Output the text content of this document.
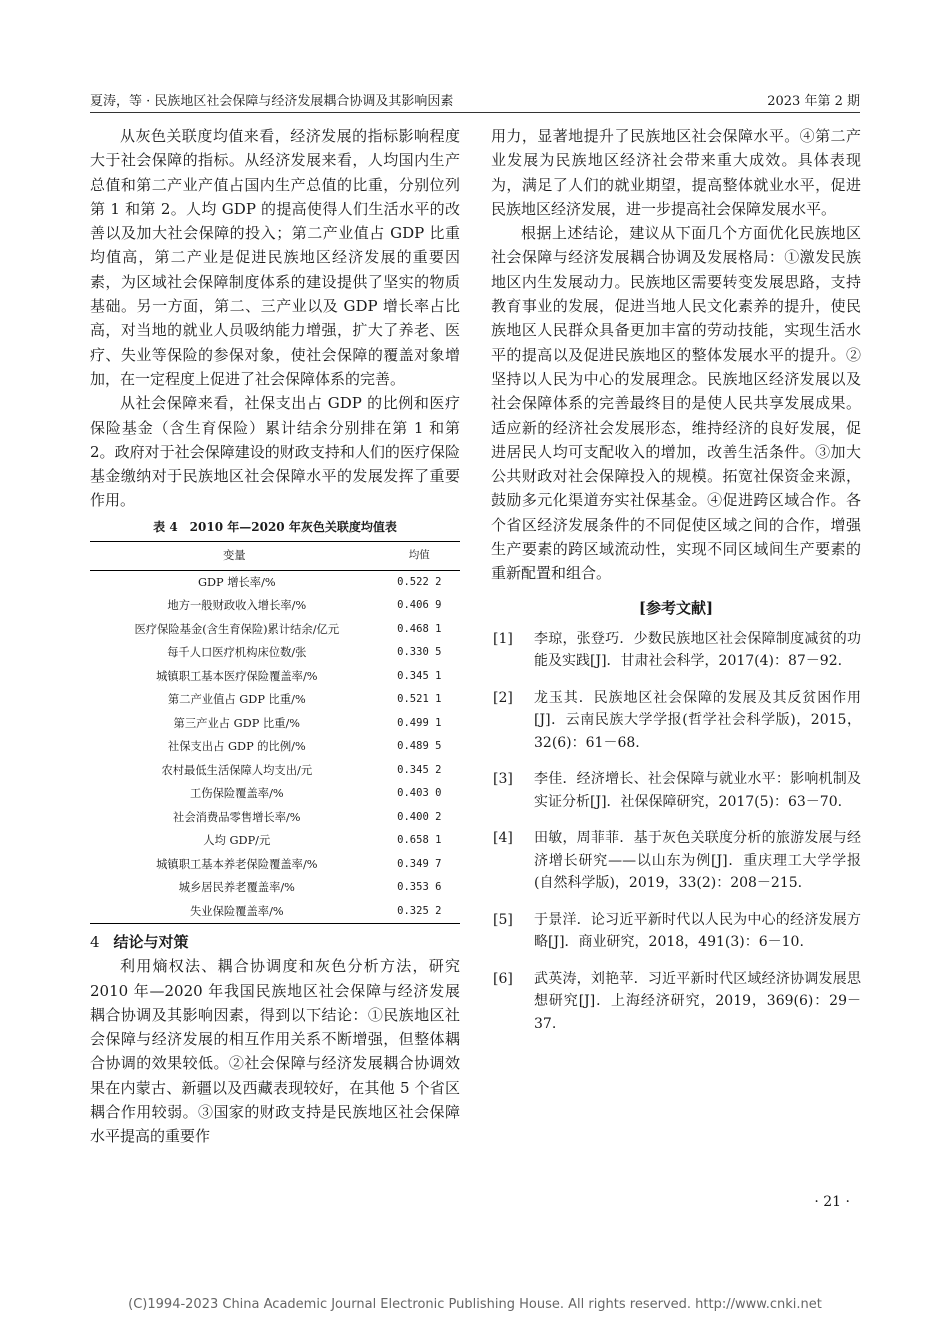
夏涛，等 · 民族地区社会保障与经济发展耦合协调及其影响因素	2023 年第 2 期

从灰色关联度均值来看，经济发展的指标影响程度大于社会保障的指标。从经济发展来看，人均国内生产总值和第二产业产值占国内生产总值的比重，分别位列第 1 和第 2。人均 GDP 的提高使得人们生活水平的改善以及加大社会保障的投入；第二产业值占 GDP 比重均值高，第二产业是促进民族地区经济发展的重要因素，为区域社会保障制度体系的建设提供了坚实的物质基础。另一方面，第二、三产业以及 GDP 增长率占比高，对当地的就业人员吸纳能力增强，扩大了养老、医疗、失业等保险的参保对象，使社会保障的覆盖对象增加，在一定程度上促进了社会保障体系的完善。

从社会保障来看，社保支出占 GDP 的比例和医疗保险基金（含生育保险）累计结余分别排在第 1 和第 2。政府对于社会保障建设的财政支持和人们的医疗保险基金缴纳对于民族地区社会保障水平的发展发挥了重要作用。

表 4　2010 年—2020 年灰色关联度均值表
变量	均值
GDP 增长率/%	0.522 2
地方一般财政收入增长率/%	0.406 9
医疗保险基金(含生育保险)累计结余/亿元	0.468 1
每千人口医疗机构床位数/张	0.330 5
城镇职工基本医疗保险覆盖率/%	0.345 1
第二产业值占 GDP 比重/%	0.521 1
第三产业占 GDP 比重/%	0.499 1
社保支出占 GDP 的比例/%	0.489 5
农村最低生活保障人均支出/元	0.345 2
工伤保险覆盖率/%	0.403 0
社会消费品零售增长率/%	0.400 2
人均 GDP/元	0.658 1
城镇职工基本养老保险覆盖率/%	0.349 7
城乡居民养老覆盖率/%	0.353 6
失业保险覆盖率/%	0.325 2
4 结论与对策

利用熵权法、耦合协调度和灰色分析方法，研究 2010 年—2020 年我国民族地区社会保障与经济发展耦合协调及其影响因素，得到以下结论：①民族地区社会保障与经济发展的相互作用关系不断增强，但整体耦合协调的效果较低。②社会保障与经济发展耦合协调效果在内蒙古、新疆以及西藏表现较好，在其他 5 个省区耦合作用较弱。③国家的财政支持是民族地区社会保障水平提高的重要作

用力，显著地提升了民族地区社会保障水平。④第二产业发展为民族地区经济社会带来重大成效。具体表现为，满足了人们的就业期望，提高整体就业水平，促进民族地区经济发展，进一步提高社会保障发展水平。

根据上述结论，建议从下面几个方面优化民族地区社会保障与经济发展耦合协调及发展格局：①激发民族地区内生发展动力。民族地区需要转变发展思路，支持教育事业的发展，促进当地人民文化素养的提升，使民族地区人民群众具备更加丰富的劳动技能，实现生活水平的提高以及促进民族地区的整体发展水平的提升。②坚持以人民为中心的发展理念。民族地区经济发展以及社会保障体系的完善最终目的是使人民共享发展成果。适应新的经济社会发展形态，维持经济的良好发展，促进居民人均可支配收入的增加，改善生活条件。③加大公共财政对社会保障投入的规模。拓宽社保资金来源，鼓励多元化渠道夯实社保基金。④促进跨区域合作。各个省区经济发展条件的不同促使区域之间的合作，增强生产要素的跨区域流动性，实现不同区域间生产要素的重新配置和组合。

[参考文献]
[1] 李琼，张登巧．少数民族地区社会保障制度减贫的功能及实践[J]．甘肃社会科学，2017(4)：87－92.
[2] 龙玉其．民族地区社会保障的发展及其反贫困作用[J]．云南民族大学学报(哲学社会科学版)，2015，32(6)：61－68.
[3] 李佳．经济增长、社会保障与就业水平：影响机制及实证分析[J]．社保保障研究，2017(5)：63－70.
[4] 田敏，周菲菲．基于灰色关联度分析的旅游发展与经济增长研究——以山东为例[J]．重庆理工大学学报(自然科学版)，2019，33(2)：208－215.
[5] 于景洋．论习近平新时代以人民为中心的经济发展方略[J]．商业研究，2018，491(3)：6－10.
[6] 武英涛，刘艳苹．习近平新时代区域经济协调发展思想研究[J]．上海经济研究，2019，369(6)：29－37.
· 21 ·
(C)1994-2023 China Academic Journal Electronic Publishing House. All rights reserved. http://www.cnki.net
